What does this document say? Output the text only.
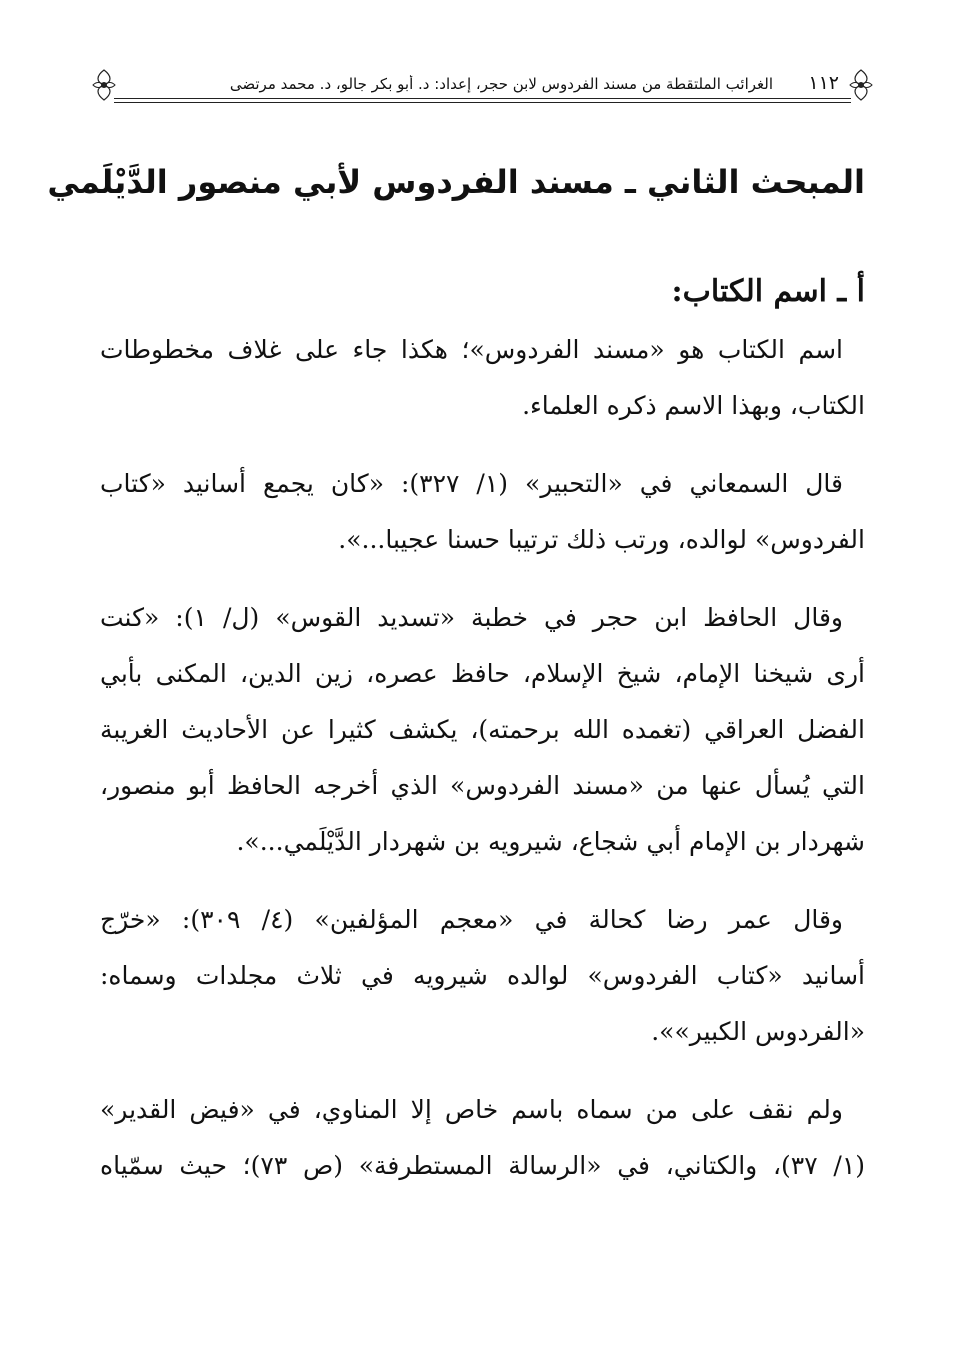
١١٢
الغرائب الملتقطة من مسند الفردوس لابن حجر، إعداد: د. أبو بكر جالو، د. محمد مرتضى
المبحث الثاني ـ مسند الفردوس لأبي منصور الدَّيْلَمي
أ ـ اسم الكتاب:

اسم الكتاب هو «مسند الفردوس»؛ هكذا جاء على غلاف مخطوطات
الكتاب، وبهذا الاسم ذكره العلماء.

قال السمعاني في «التحبير» (١/ ٣٢٧): «كان يجمع أسانيد «كتاب
الفردوس» لوالده، ورتب ذلك ترتيبا حسنا عجيبا...».

وقال الحافظ ابن حجر في خطبة «تسديد القوس» (ل/ ١): «كنت
أرى شيخنا الإمام، شيخ الإسلام، حافظ عصره، زين الدين، المكنى بأبي
الفضل العراقي (تغمده الله برحمته)، يكشف كثيرا عن الأحاديث الغريبة
التي يُسأل عنها من «مسند الفردوس» الذي أخرجه الحافظ أبو منصور،
شهردار بن الإمام أبي شجاع، شيرويه بن شهردار الدَّيْلَمي...».

وقال عمر رضا كحالة في «معجم المؤلفين» (٤/ ٣٠٩): «خرّج
أسانيد «كتاب الفردوس» لوالده شيرويه في ثلاث مجلدات وسماه:
«الفردوس الكبير»».

ولم نقف على من سماه باسم خاص إلا المناوي، في «فيض القدير»
(١/ ٣٧)، والكتاني، في «الرسالة المستطرفة» (ص ٧٣)؛ حيث سمّياه
